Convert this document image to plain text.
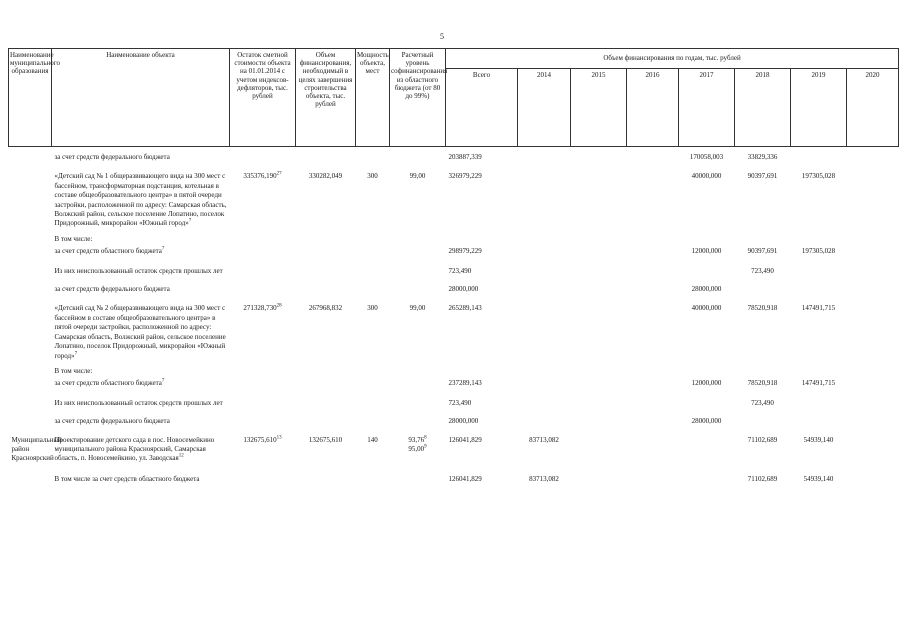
5
Наименование муниципального образования	Наименование объекта	Остаток сметной стоимости объекта на 01.01.2014 с учетом индексов-дефляторов, тыс. рублей	Объем финансирования, необходимый в целях завершения строительства объекта, тыс. рублей	Мощность объекта, мест	Расчетный уровень софинансирования из областного бюджета (от 80 до 99%)	Объем финансирования по годам, тыс. рублей							
						Всего	2014	2015	2016	2017	2018	2019	2020
	за счет средств федерального бюджета					203887,339				170058,003	33829,336		
	«Детский сад № 1 общеразвивающего вида на 300 мест с бассейном, трансформаторная подстанция, котельная в составе общеобразовательного центра» в пятой очереди застройки, расположенной по адресу: Самарская область, Волжский район, сельское поселение Лопатино, поселок Придорожный, микрорайон «Южный город»$^7$	335376,190$^{27}$	330282,049	300	99,00	326979,229				40000,000	90397,691	197305,028	
	В том числе:				

	за счет средств областного бюджета$^7$					298979,229				12000,000	90397,691	197305,028	
	Из них неиспользованный остаток средств прошлых лет					723,490					723,490		
	за счет средств федерального бюджета					28000,000				28000,000			
	«Детский сад № 2 общеразвивающего вида на 300 мест с бассейном в составе общеобразовательного центра» в пятой очереди застройки, расположенной по адресу: Самарская область, Волжский район, сельское поселение Лопатино, поселок Придорожный, микрорайон «Южный город»$^7$	271328,730$^{28}$	267968,832	300	99,00	265289,143				40000,000	78520,918	147491,715	
	В том числе:				

	за счет средств областного бюджета$^7$					237289,143				12000,000	78520,918	147491,715	
	Из них неиспользованный остаток средств прошлых лет					723,490					723,490		
	за счет средств федерального бюджета					28000,000				28000,000			
Муниципальный район Красноярский	Проектирование детского сада в пос. Новосемейкино муниципального района Красноярский, Самарская область, п. Новосемейкино, ул. Заводская$^{12}$	132675,610$^{13}$	132675,610	140	93,76$^8$
95,00$^9$	126041,829	83713,082				71102,689	54939,140	
	В том числе за счет средств областного бюджета					126041,829	83713,082				71102,689	54939,140	
